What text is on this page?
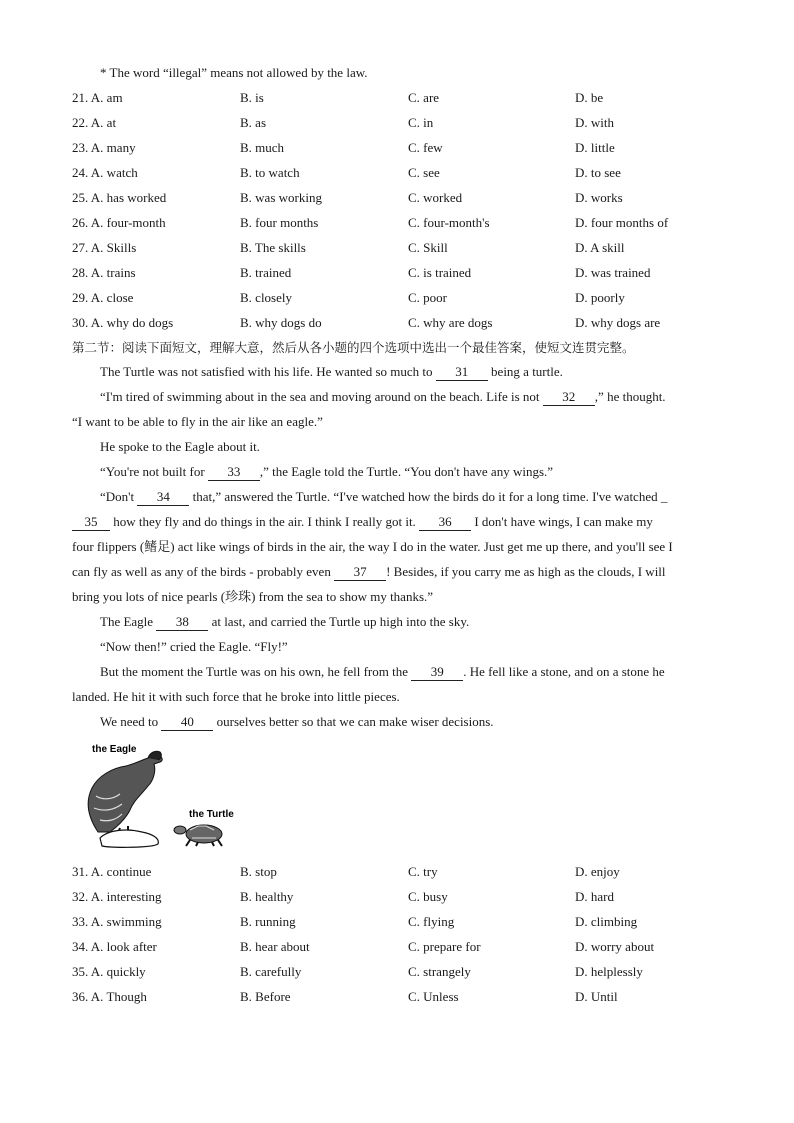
* The word “illegal” means not allowed by the law.
21. A. am	B. is	C. are	D. be
22. A. at	B. as	C. in	D. with
23. A. many	B. much	C. few	D. little
24. A. watch	B. to watch	C. see	D. to see
25. A. has worked	B. was working	C. worked	D. works
26. A. four-month	B. four months	C. four-month's	D. four months of
27. A. Skills	B. The skills	C. Skill	D. A skill
28. A. trains	B. trained	C. is trained	D. was trained
29. A. close	B. closely	C. poor	D. poorly
30. A. why do dogs	B. why dogs do	C. why are dogs	D. why dogs are
第二节：阅读下面短文，理解大意，然后从各小题的四个选项中选出一个最佳答案，使短文连贯完整。
The Turtle was not satisfied with his life. He wanted so much to 31 being a turtle.
“I'm tired of swimming about in the sea and moving around on the beach. Life is not 32 ,” he thought.
“I want to be able to fly in the air like an eagle.”
He spoke to the Eagle about it.
“You're not built for 33 ,” the Eagle told the Turtle. “You don't have any wings.”
“Don't 34 that,” answered the Turtle. “I've watched how the birds do it for a long time. I've watched _
35 how they fly and do things in the air. I think I really got it. 36 I don't have wings, I can make my
four flippers (鳍足) act like wings of birds in the air, the way I do in the water. Just get me up there, and you'll see I
can fly as well as any of the birds - probably even 37 ! Besides, if you carry me as high as the clouds, I will
bring you lots of nice pearls (珍珠) from the sea to show my thanks.”
The Eagle 38 at last, and carried the Turtle up high into the sky.
“Now then!” cried the Eagle. “Fly!”
But the moment the Turtle was on his own, he fell from the 39 . He fell like a stone, and on a stone he
landed. He hit it with such force that he broke into little pieces.
We need to 40 ourselves better so that we can make wiser decisions.
the Eagle
the Turtle
31. A. continue	B. stop	C. try	D. enjoy
32. A. interesting	B. healthy	C. busy	D. hard
33. A. swimming	B. running	C. flying	D. climbing
34. A. look after	B. hear about	C. prepare for	D. worry about
35. A. quickly	B. carefully	C. strangely	D. helplessly
36. A. Though	B. Before	C. Unless	D. Until
